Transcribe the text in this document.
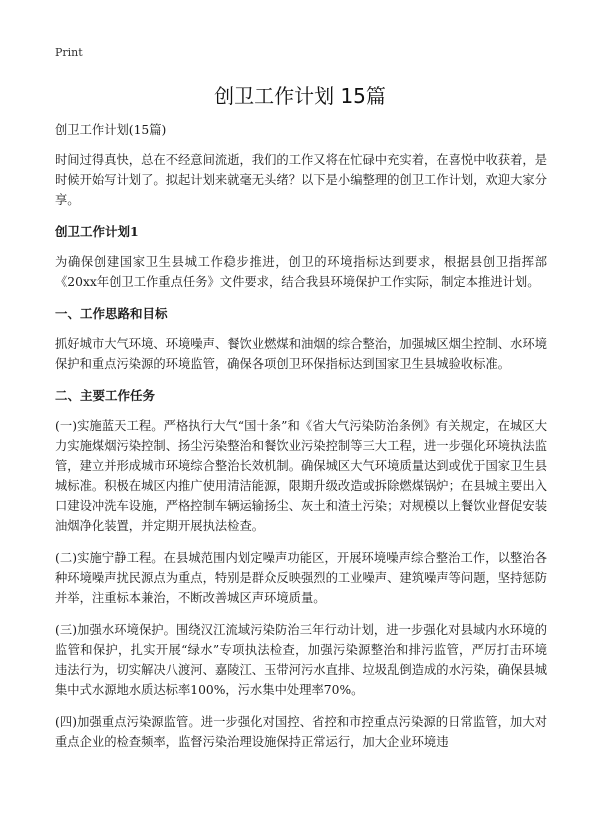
Print
创卫工作计划 15篇

创卫工作计划(15篇)

时间过得真快，总在不经意间流逝，我们的工作又将在忙碌中充实着，在喜悦中收获着，是时候开始写计划了。拟起计划来就毫无头绪？以下是小编整理的创卫工作计划，欢迎大家分享。

创卫工作计划1

为确保创建国家卫生县城工作稳步推进，创卫的环境指标达到要求，根据县创卫指挥部《20xx年创卫工作重点任务》文件要求，结合我县环境保护工作实际，制定本推进计划。

一、工作思路和目标

抓好城市大气环境、环境噪声、餐饮业燃煤和油烟的综合整治，加强城区烟尘控制、水环境保护和重点污染源的环境监管，确保各项创卫环保指标达到国家卫生县城验收标准。

二、主要工作任务

(一)实施蓝天工程。严格执行大气“国十条”和《省大气污染防治条例》有关规定，在城区大力实施煤烟污染控制、扬尘污染整治和餐饮业污染控制等三大工程，进一步强化环境执法监管，建立并形成城市环境综合整治长效机制。确保城区大气环境质量达到或优于国家卫生县城标准。积极在城区内推广使用清洁能源，限期升级改造或拆除燃煤锅炉；在县城主要出入口建设冲洗车设施，严格控制车辆运输扬尘、灰土和渣土污染；对规模以上餐饮业督促安装油烟净化装置，并定期开展执法检查。

(二)实施宁静工程。在县城范围内划定噪声功能区，开展环境噪声综合整治工作，以整治各种环境噪声扰民源点为重点，特别是群众反映强烈的工业噪声、建筑噪声等问题，坚持惩防并举，注重标本兼治，不断改善城区声环境质量。

(三)加强水环境保护。围绕汉江流域污染防治三年行动计划，进一步强化对县域内水环境的监管和保护，扎实开展“绿水”专项执法检查，加强污染源整治和排污监管，严厉打击环境违法行为，切实解决八渡河、嘉陵江、玉带河污水直排、垃圾乱倒造成的水污染，确保县城集中式水源地水质达标率100%，污水集中处理率70%。

(四)加强重点污染源监管。进一步强化对国控、省控和市控重点污染源的日常监管，加大对重点企业的检查频率，监督污染治理设施保持正常运行，加大企业环境违
